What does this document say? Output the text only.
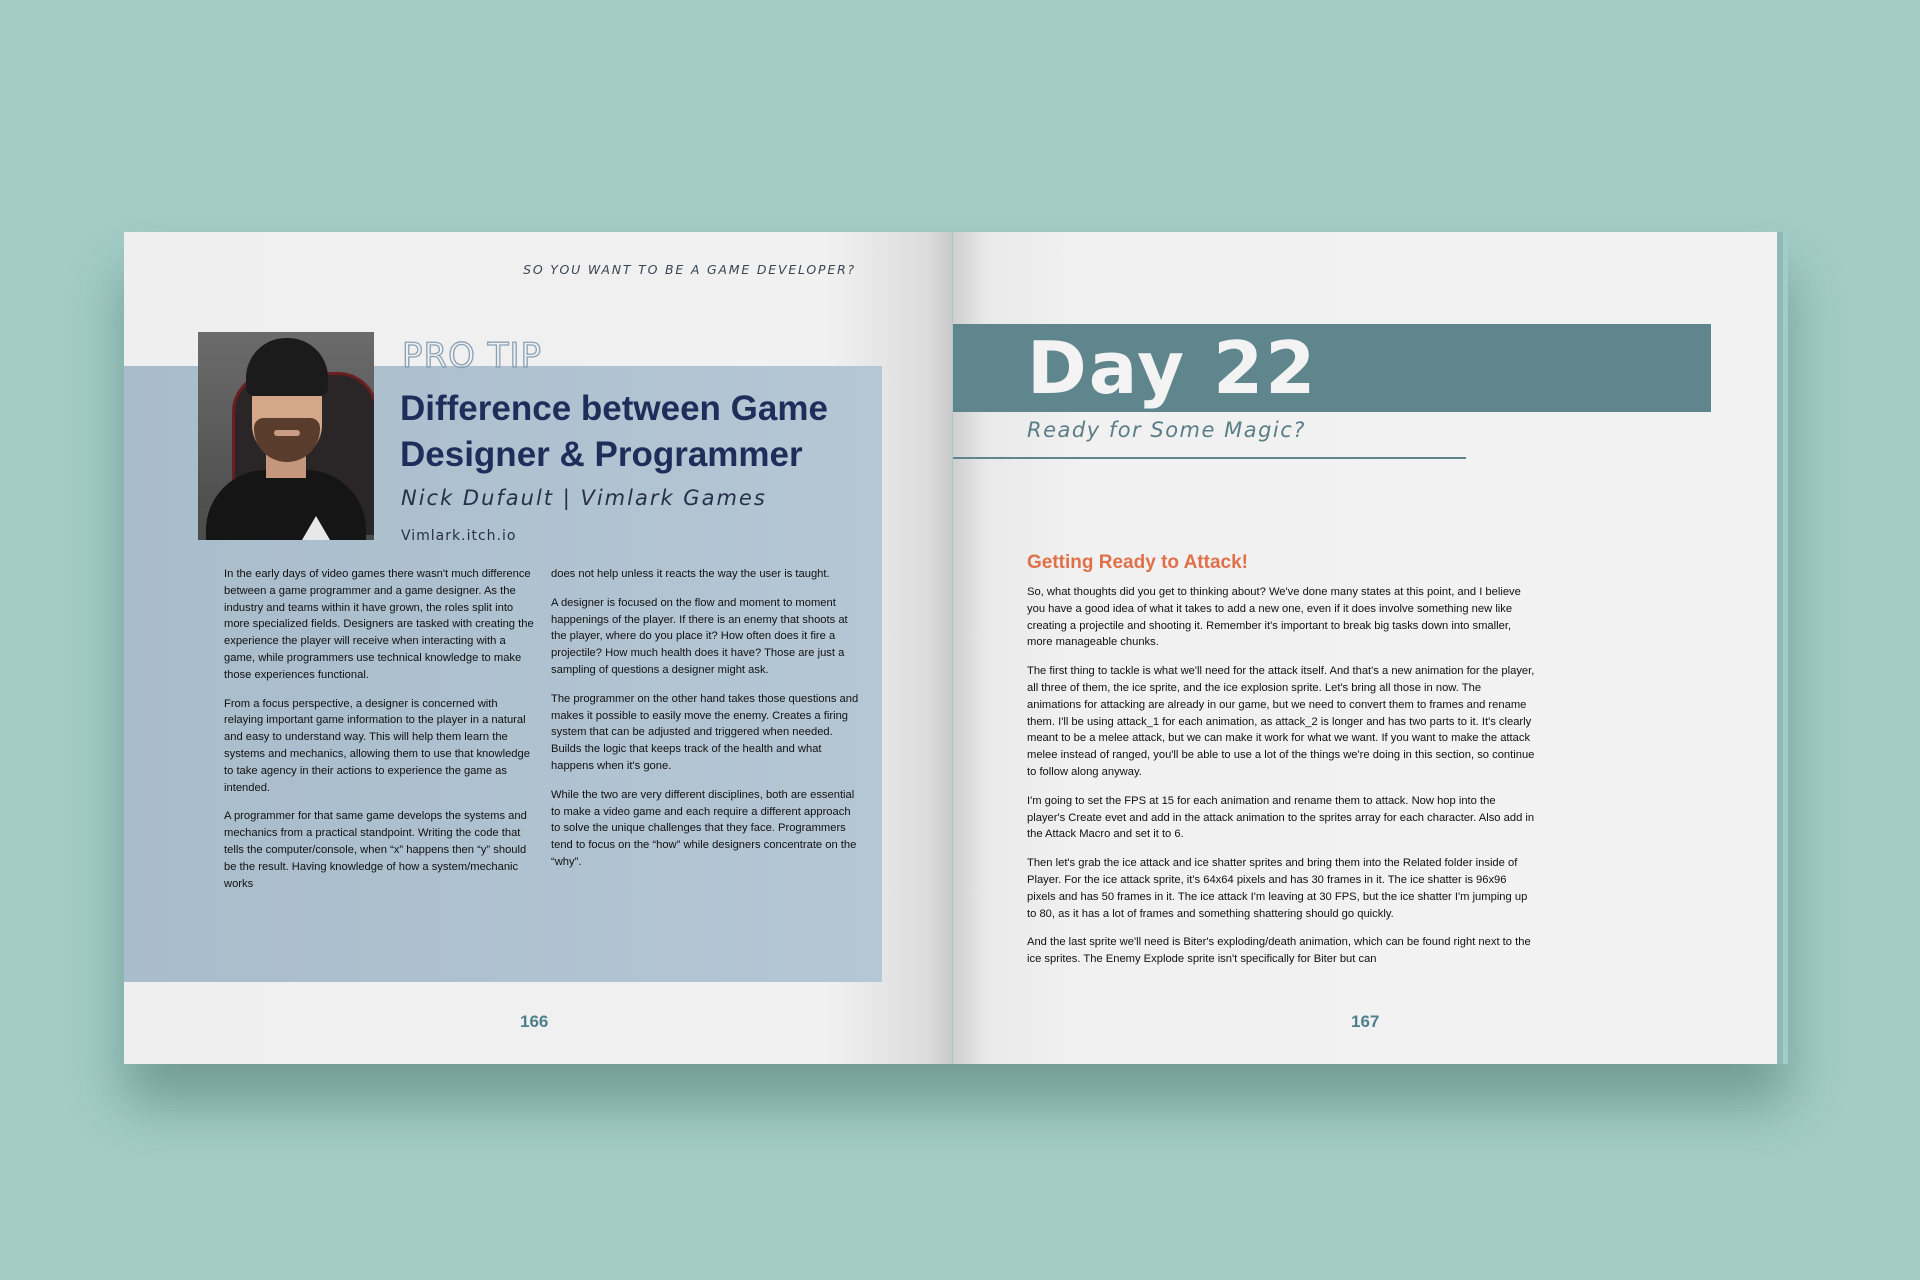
SO YOU WANT TO BE A GAME DEVELOPER?
PRO TIP
Difference between Game Designer & Programmer
Nick Dufault | Vimlark Games
Vimlark.itch.io

In the early days of video games there wasn't much difference between a game programmer and a game designer. As the industry and teams within it have grown, the roles split into more specialized fields. Designers are tasked with creating the experience the player will receive when interacting with a game, while programmers use technical knowledge to make those experiences functional.

From a focus perspective, a designer is concerned with relaying important game information to the player in a natural and easy to understand way. This will help them learn the systems and mechanics, allowing them to use that knowledge to take agency in their actions to experience the game as intended.

A programmer for that same game develops the systems and mechanics from a practical standpoint. Writing the code that tells the computer/console, when “x” happens then “y” should be the result. Having knowledge of how a system/mechanic works

does not help unless it reacts the way the user is taught.

A designer is focused on the flow and moment to moment happenings of the player. If there is an enemy that shoots at the player, where do you place it? How often does it fire a projectile? How much health does it have? Those are just a sampling of questions a designer might ask.

The programmer on the other hand takes those questions and makes it possible to easily move the enemy. Creates a firing system that can be adjusted and triggered when needed. Builds the logic that keeps track of the health and what happens when it's gone.

While the two are very different disciplines, both are essential to make a video game and each require a different approach to solve the unique challenges that they face. Programmers tend to focus on the “how” while designers concentrate on the “why”.

166
Day 22
Ready for Some Magic?
Getting Ready to Attack!

So, what thoughts did you get to thinking about? We've done many states at this point, and I believe you have a good idea of what it takes to add a new one, even if it does involve something new like creating a projectile and shooting it. Remember it's important to break big tasks down into smaller, more manageable chunks.

The first thing to tackle is what we'll need for the attack itself. And that's a new animation for the player, all three of them, the ice sprite, and the ice explosion sprite. Let's bring all those in now. The animations for attacking are already in our game, but we need to convert them to frames and rename them. I'll be using attack_1 for each animation, as attack_2 is longer and has two parts to it. It's clearly meant to be a melee attack, but we can make it work for what we want. If you want to make the attack melee instead of ranged, you'll be able to use a lot of the things we're doing in this section, so continue to follow along anyway.

I'm going to set the FPS at 15 for each animation and rename them to attack. Now hop into the player's Create evet and add in the attack animation to the sprites array for each character. Also add in the Attack Macro and set it to 6.

Then let's grab the ice attack and ice shatter sprites and bring them into the Related folder inside of Player. For the ice attack sprite, it's 64x64 pixels and has 30 frames in it. The ice shatter is 96x96 pixels and has 50 frames in it. The ice attack I'm leaving at 30 FPS, but the ice shatter I'm jumping up to 80, as it has a lot of frames and something shattering should go quickly.

And the last sprite we'll need is Biter's exploding/death animation, which can be found right next to the ice sprites. The Enemy Explode sprite isn't specifically for Biter but can

167
